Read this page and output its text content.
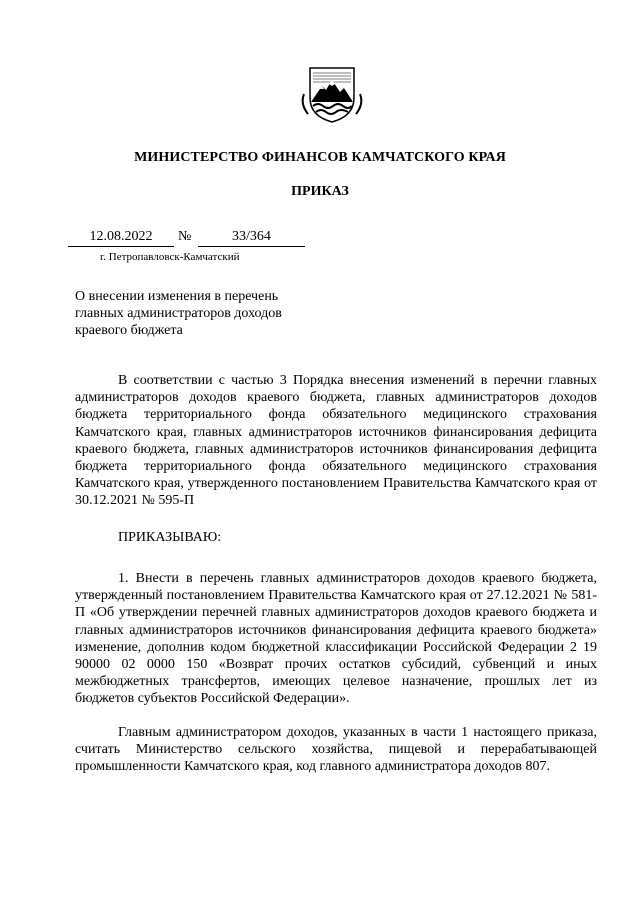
МИНИСТЕРСТВО ФИНАНСОВ КАМЧАТСКОГО КРАЯ
ПРИКАЗ
12.08.2022	№	33/364
г. Петропавловск-Камчатский
О внесении изменения в перечень главных администраторов доходов краевого бюджета
В соответствии с частью 3 Порядка внесения изменений в перечни главных администраторов доходов краевого бюджета, главных администраторов доходов бюджета территориального фонда обязательного медицинского страхования Камчатского края, главных администраторов источников финансирования дефицита краевого бюджета, главных администраторов источников финансирования дефицита бюджета территориального фонда обязательного медицинского страхования Камчатского края, утвержденного постановлением Правительства Камчатского края от 30.12.2021 № 595-П
ПРИКАЗЫВАЮ:
1. Внести в перечень главных администраторов доходов краевого бюджета, утвержденный постановлением Правительства Камчатского края от 27.12.2021 № 581-П «Об утверждении перечней главных администраторов доходов краевого бюджета и главных администраторов источников финансирования дефицита краевого бюджета» изменение, дополнив кодом бюджетной классификации Российской Федерации 2 19 90000 02 0000 150 «Возврат прочих остатков субсидий, субвенций и иных межбюджетных трансфертов, имеющих целевое назначение, прошлых лет из бюджетов субъектов Российской Федерации».
Главным администратором доходов, указанных в части 1 настоящего приказа, считать Министерство сельского хозяйства, пищевой и перерабатывающей промышленности Камчатского края, код главного администратора доходов 807.
